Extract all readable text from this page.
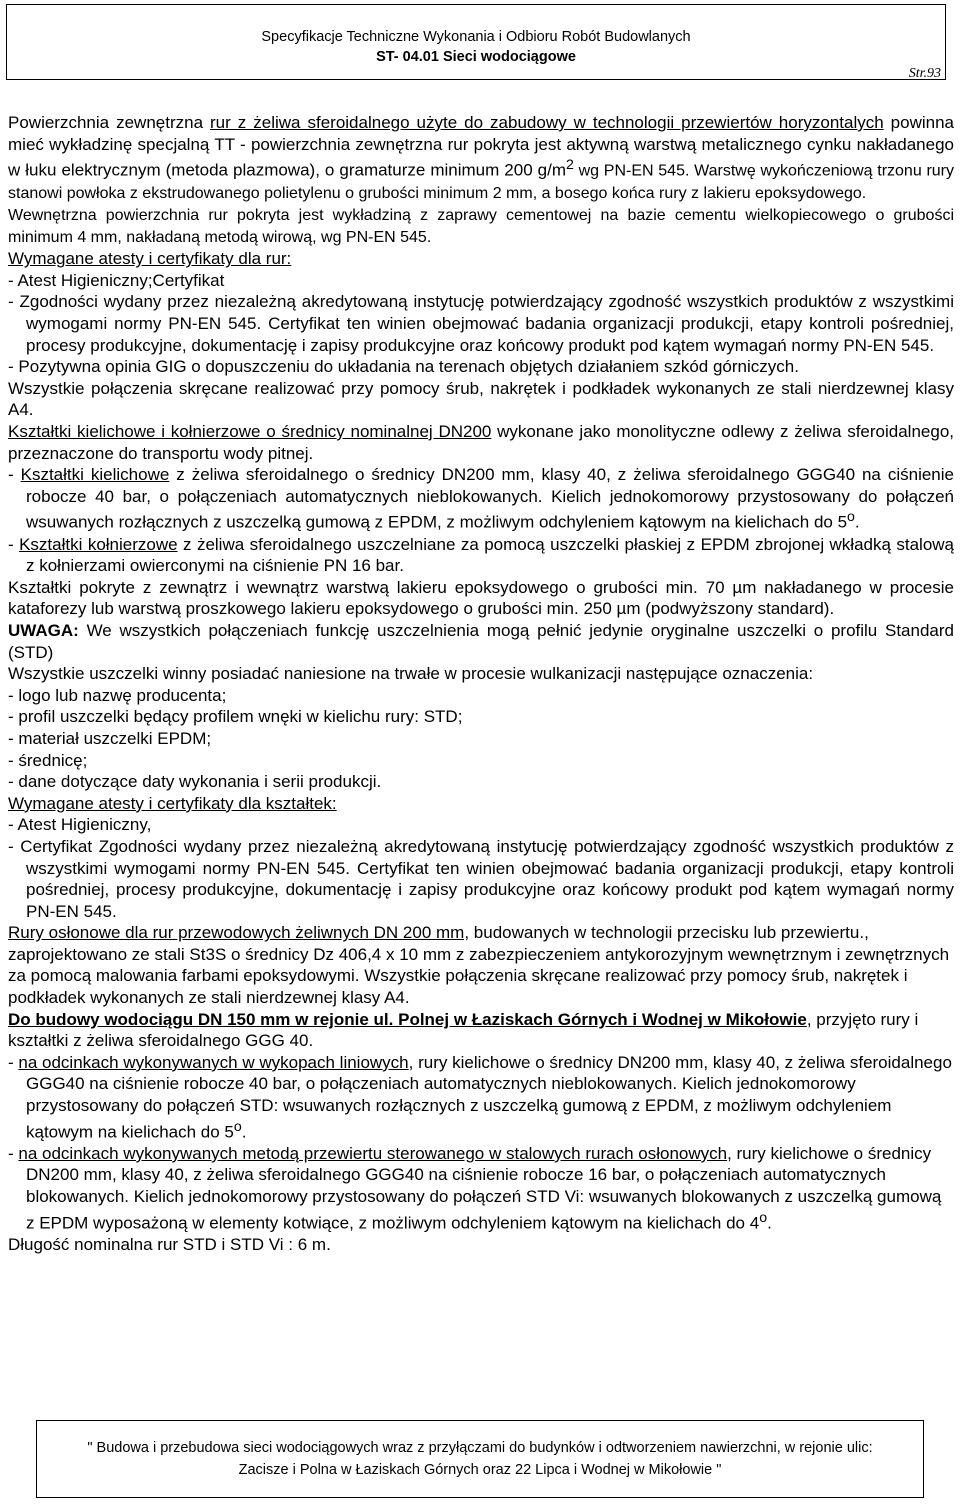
Specyfikacje Techniczne Wykonania i Odbioru Robót Budowlanych
ST- 04.01 Sieci wodociągowe
Str.93

Powierzchnia zewnętrzna rur z żeliwa sferoidalnego użyte do zabudowy w technologii przewiertów horyzontalych powinna mieć wykładzinę specjalną TT - powierzchnia zewnętrzna rur pokryta jest aktywną warstwą metalicznego cynku nakładanego w łuku elektrycznym (metoda plazmowa), o gramaturze minimum 200 $g/m^2$ wg PN-EN 545. Warstwę wykończeniową trzonu rury stanowi powłoka z ekstrudowanego polietylenu o grubości minimum 2 mm, a bosego końca rury z lakieru epoksydowego.

Wewnętrzna powierzchnia rur pokryta jest wykładziną z zaprawy cementowej na bazie cementu wielkopiecowego o grubości minimum 4 mm, nakładaną metodą wirową, wg PN-EN 545.

Wymagane atesty i certyfikaty dla rur:

- Atest Higieniczny;Certyfikat

- Zgodności wydany przez niezależną akredytowaną instytucję potwierdzający zgodność wszystkich produktów z wszystkimi wymogami normy PN-EN 545. Certyfikat ten winien obejmować badania organizacji produkcji, etapy kontroli pośredniej, procesy produkcyjne, dokumentację i zapisy produkcyjne oraz końcowy produkt pod kątem wymagań normy PN-EN 545.

- Pozytywna opinia GIG o dopuszczeniu do układania na terenach objętych działaniem szkód górniczych.

Wszystkie połączenia skręcane realizować przy pomocy śrub, nakrętek i podkładek wykonanych ze stali nierdzewnej klasy A4.

Kształtki kielichowe i kołnierzowe o średnicy nominalnej DN200 wykonane jako monolityczne odlewy z żeliwa sferoidalnego, przeznaczone do transportu wody pitnej.

- Kształtki kielichowe z żeliwa sferoidalnego o średnicy DN200 mm, klasy 40, z żeliwa sferoidalnego GGG40 na ciśnienie robocze 40 bar, o połączeniach automatycznych nieblokowanych. Kielich jednokomorowy przystosowany do połączeń wsuwanych rozłącznych z uszczelką gumową z EPDM, z możliwym odchyleniem kątowym na kielichach do 5$^o$.

- Kształtki kołnierzowe z żeliwa sferoidalnego uszczelniane za pomocą uszczelki płaskiej z EPDM zbrojonej wkładką stalową z kołnierzami owierconymi na ciśnienie PN 16 bar.

Kształtki pokryte z zewnątrz i wewnątrz warstwą lakieru epoksydowego o grubości min. 70 µm nakładanego w procesie kataforezy lub warstwą proszkowego lakieru epoksydowego o grubości min. 250 µm (podwyższony standard).

UWAGA: We wszystkich połączeniach funkcję uszczelnienia mogą pełnić jedynie oryginalne uszczelki o profilu Standard (STD)

Wszystkie uszczelki winny posiadać naniesione na trwałe w procesie wulkanizacji następujące oznaczenia:

- logo lub nazwę producenta;

- profil uszczelki będący profilem wnęki w kielichu rury: STD;

- materiał uszczelki EPDM;

- średnicę;

- dane dotyczące daty wykonania i serii produkcji.

Wymagane atesty i certyfikaty dla kształtek:

- Atest Higieniczny,

- Certyfikat Zgodności wydany przez niezależną akredytowaną instytucję potwierdzający zgodność wszystkich produktów z wszystkimi wymogami normy PN-EN 545. Certyfikat ten winien obejmować badania organizacji produkcji, etapy kontroli pośredniej, procesy produkcyjne, dokumentację i zapisy produkcyjne oraz końcowy produkt pod kątem wymagań normy PN-EN 545.

Rury osłonowe dla rur przewodowych żeliwnych DN 200 mm, budowanych w technologii przecisku lub przewiertu., zaprojektowano ze stali St3S o średnicy Dz 406,4 x 10 mm z zabezpieczeniem antykorozyjnym wewnętrznym i zewnętrznych za pomocą malowania farbami epoksydowymi. Wszystkie połączenia skręcane realizować przy pomocy śrub, nakrętek i podkładek wykonanych ze stali nierdzewnej klasy A4.

Do budowy wodociągu DN 150 mm w rejonie ul. Polnej w Łaziskach Górnych i Wodnej w Mikołowie, przyjęto rury i kształtki z żeliwa sferoidalnego GGG 40.

- na odcinkach wykonywanych w wykopach liniowych, rury kielichowe o średnicy DN200 mm, klasy 40, z żeliwa sferoidalnego GGG40 na ciśnienie robocze 40 bar, o połączeniach automatycznych nieblokowanych. Kielich jednokomorowy przystosowany do połączeń STD: wsuwanych rozłącznych z uszczelką gumową z EPDM, z możliwym odchyleniem kątowym na kielichach do 5$^o$.

- na odcinkach wykonywanych metodą przewiertu sterowanego w stalowych rurach osłonowych, rury kielichowe o średnicy DN200 mm, klasy 40, z żeliwa sferoidalnego GGG40 na ciśnienie robocze 16 bar, o połączeniach automatycznych blokowanych. Kielich jednokomorowy przystosowany do połączeń STD Vi: wsuwanych blokowanych z uszczelką gumową z EPDM wyposażoną w elementy kotwiące, z możliwym odchyleniem kątowym na kielichach do 4$^o$.

Długość nominalna rur STD i STD Vi : 6 m.

" Budowa i przebudowa sieci wodociągowych wraz z przyłączami do budynków i odtworzeniem nawierzchni, w rejonie ulic:
Zacisze i Polna w Łaziskach Górnych oraz 22 Lipca i Wodnej w Mikołowie "
